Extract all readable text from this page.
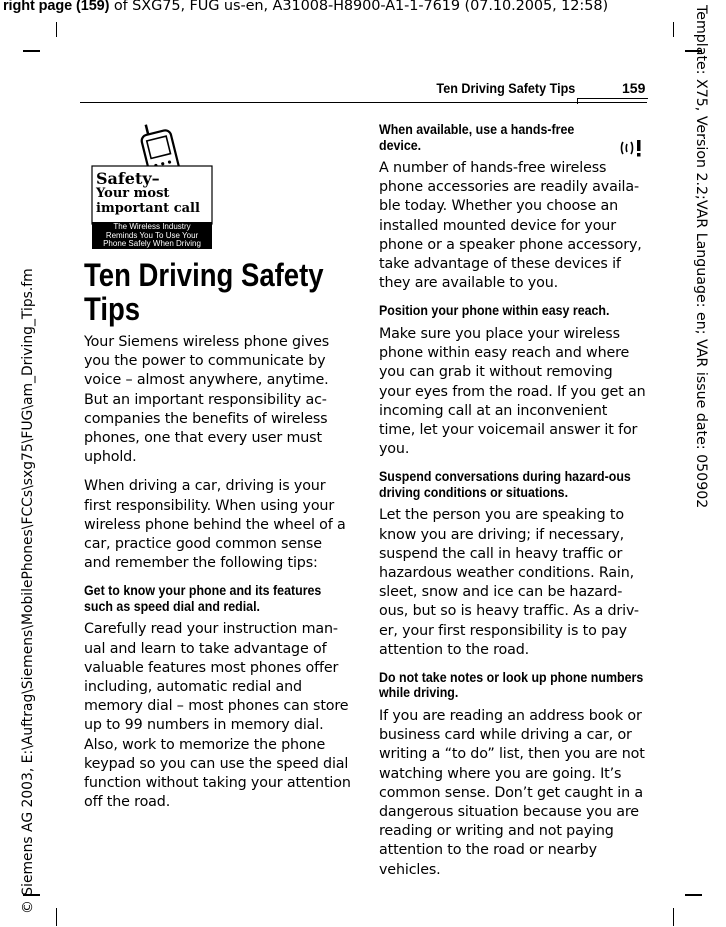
right page (159) of SXG75, FUG us-en, A31008-H8900-A1-1-7619 (07.10.2005, 12:58)
Ten Driving Safety Tips	159
© Siemens AG 2003, E:\Auftrag\Siemens\MobilePhones\FCCs\sxg75\FUG\am_Driving_Tips.fm
Template: X75, Version 2.2;VAR Language: en; VAR issue date: 050902
Safety–
Your most
important call
The Wireless Industry
Reminds You To Use Your
Phone Safely When Driving
Ten Driving Safety Tips

Your Siemens wireless phone gives you the power to communicate by voice – almost anywhere, anytime. But an important responsibility ac-companies the benefits of wireless phones, one that every user must uphold.

When driving a car, driving is your first responsibility. When using your wireless phone behind the wheel of a car, practice good common sense and remember the following tips:

Get to know your phone and its features such as speed dial and redial.

Carefully read your instruction man-ual and learn to take advantage of valuable features most phones offer including, automatic redial and memory dial – most phones can store up to 99 numbers in memory dial. Also, work to memorize the phone keypad so you can use the speed dial function without taking your attention off the road.

When available, use a hands-free device.

A number of hands-free wireless phone accessories are readily availa-ble today. Whether you choose an installed mounted device for your phone or a speaker phone accessory, take advantage of these devices if they are available to you.

Position your phone within easy reach.

Make sure you place your wireless phone within easy reach and where you can grab it without removing your eyes from the road. If you get an incoming call at an inconvenient time, let your voicemail answer it for you.

Suspend conversations during hazard-ous driving conditions or situations.

Let the person you are speaking to know you are driving; if necessary, suspend the call in heavy traffic or hazardous weather conditions. Rain, sleet, snow and ice can be hazard-ous, but so is heavy traffic. As a driv-er, your first responsibility is to pay attention to the road.

Do not take notes or look up phone numbers while driving.

If you are reading an address book or business card while driving a car, or writing a “to do” list, then you are not watching where you are going. It’s common sense. Don’t get caught in a dangerous situation because you are reading or writing and not paying attention to the road or nearby vehicles.
